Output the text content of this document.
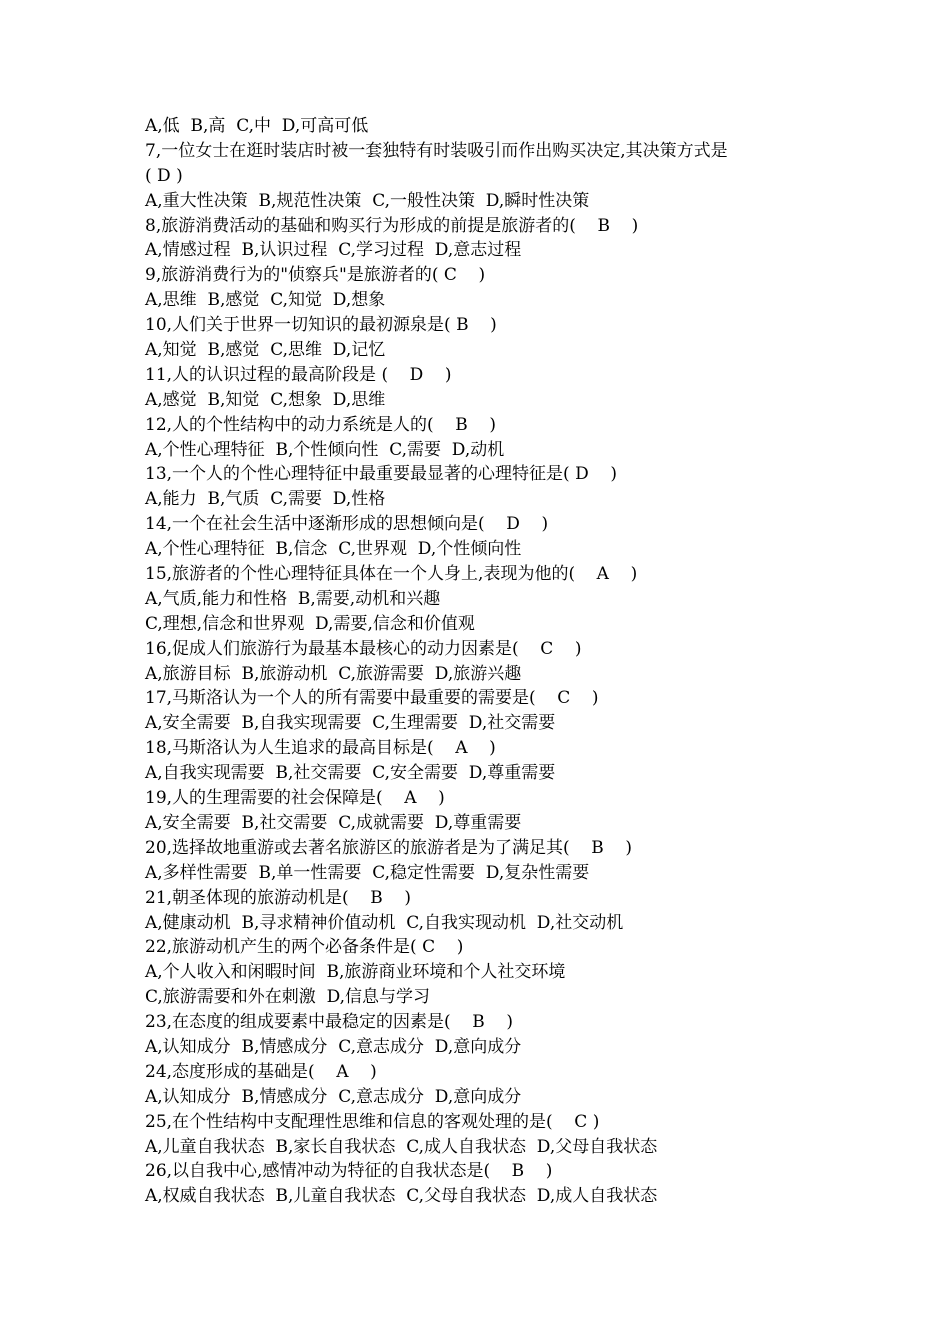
A,低  B,高  C,中  D,可高可低
7,一位女士在逛时装店时被一套独特有时装吸引而作出购买决定,其决策方式是
( D )
A,重大性决策  B,规范性决策  C,一般性决策  D,瞬时性决策
8,旅游消费活动的基础和购买行为形成的前提是旅游者的(    B    )
A,情感过程  B,认识过程  C,学习过程  D,意志过程
9,旅游消费行为的"侦察兵"是旅游者的( C    )
A,思维  B,感觉  C,知觉  D,想象
10,人们关于世界一切知识的最初源泉是( B    )
A,知觉  B,感觉  C,思维  D,记忆
11,人的认识过程的最高阶段是 (    D    )
A,感觉  B,知觉  C,想象  D,思维
12,人的个性结构中的动力系统是人的(    B    )
A,个性心理特征  B,个性倾向性  C,需要  D,动机
13,一个人的个性心理特征中最重要最显著的心理特征是( D    )
A,能力  B,气质  C,需要  D,性格
14,一个在社会生活中逐渐形成的思想倾向是(    D    )
A,个性心理特征  B,信念  C,世界观  D,个性倾向性
15,旅游者的个性心理特征具体在一个人身上,表现为他的(    A    )
A,气质,能力和性格  B,需要,动机和兴趣
C,理想,信念和世界观  D,需要,信念和价值观
16,促成人们旅游行为最基本最核心的动力因素是(    C    )
A,旅游目标  B,旅游动机  C,旅游需要  D,旅游兴趣
17,马斯洛认为一个人的所有需要中最重要的需要是(    C    )
A,安全需要  B,自我实现需要  C,生理需要  D,社交需要
18,马斯洛认为人生追求的最高目标是(    A    )
A,自我实现需要  B,社交需要  C,安全需要  D,尊重需要
19,人的生理需要的社会保障是(    A    )
A,安全需要  B,社交需要  C,成就需要  D,尊重需要
20,选择故地重游或去著名旅游区的旅游者是为了满足其(    B    )
A,多样性需要  B,单一性需要  C,稳定性需要  D,复杂性需要
21,朝圣体现的旅游动机是(    B    )
A,健康动机  B,寻求精神价值动机  C,自我实现动机  D,社交动机
22,旅游动机产生的两个必备条件是( C    )
A,个人收入和闲暇时间  B,旅游商业环境和个人社交环境
C,旅游需要和外在刺激  D,信息与学习
23,在态度的组成要素中最稳定的因素是(    B    )
A,认知成分  B,情感成分  C,意志成分  D,意向成分
24,态度形成的基础是(    A    )
A,认知成分  B,情感成分  C,意志成分  D,意向成分
25,在个性结构中支配理性思维和信息的客观处理的是(    C )
A,儿童自我状态  B,家长自我状态  C,成人自我状态  D,父母自我状态
26,以自我中心,感情冲动为特征的自我状态是(    B    )
A,权威自我状态  B,儿童自我状态  C,父母自我状态  D,成人自我状态
